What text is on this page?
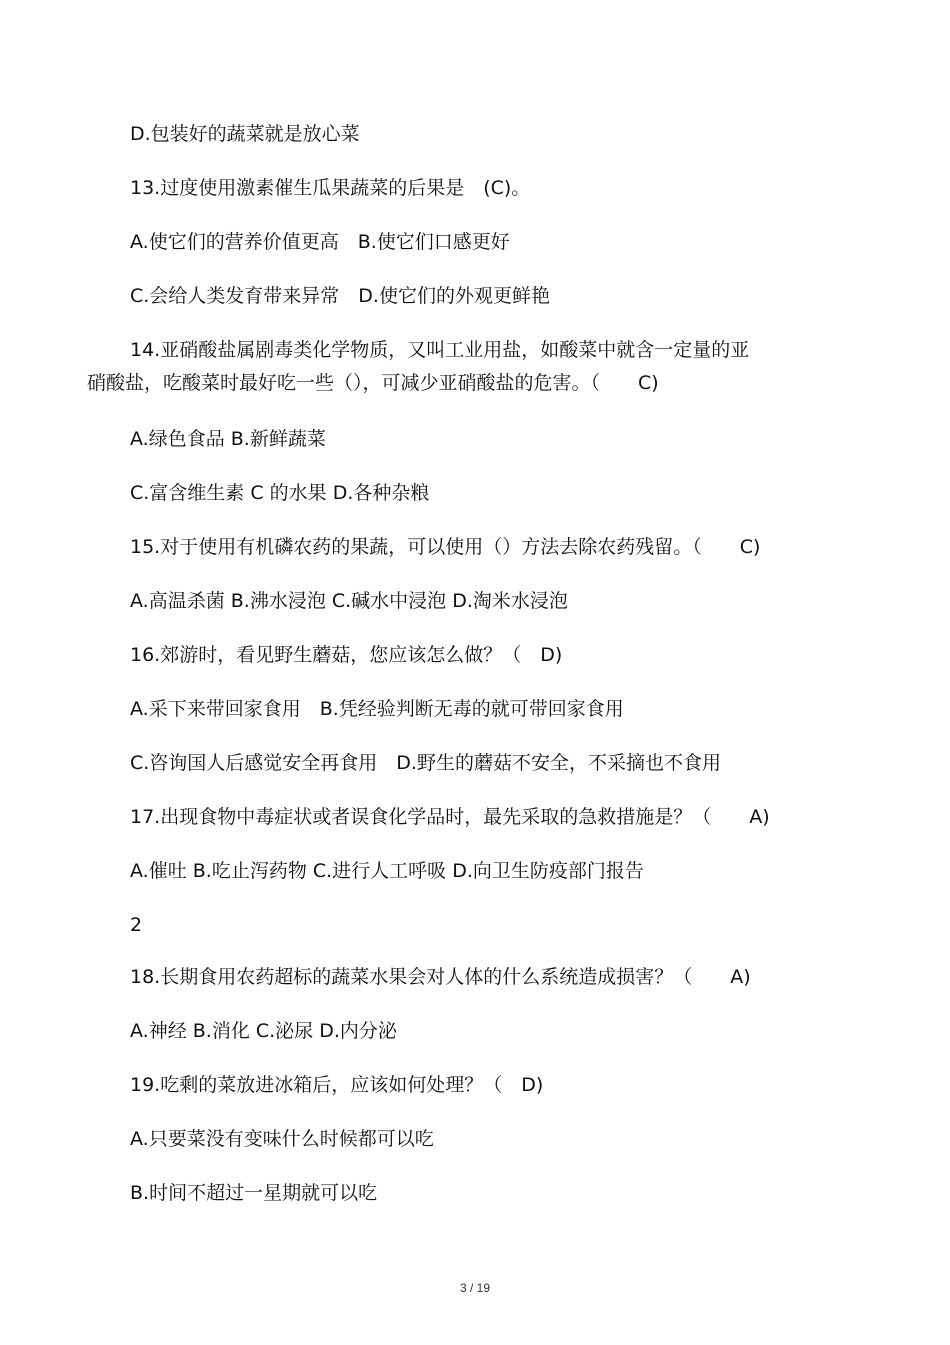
D.包装好的蔬菜就是放心菜
13.过度使用激素催生瓜果蔬菜的后果是　(C)。
A.使它们的营养价值更高　B.使它们口感更好
C.会给人类发育带来异常　D.使它们的外观更鲜艳
14.亚硝酸盐属剧毒类化学物质，又叫工业用盐，如酸菜中就含一定量的亚
硝酸盐，吃酸菜时最好吃一些（），可减少亚硝酸盐的危害。（　　C)
A.绿色食品 B.新鲜蔬菜
C.富含维生素 C 的水果 D.各种杂粮
15.对于使用有机磷农药的果蔬，可以使用（）方法去除农药残留。（　　C)
A.高温杀菌 B.沸水浸泡 C.碱水中浸泡 D.淘米水浸泡
16.郊游时，看见野生蘑菇，您应该怎么做？（　D)
A.采下来带回家食用　B.凭经验判断无毒的就可带回家食用
C.咨询国人后感觉安全再食用　D.野生的蘑菇不安全，不采摘也不食用
17.出现食物中毒症状或者误食化学品时，最先采取的急救措施是？（　　A)
A.催吐 B.吃止泻药物 C.进行人工呼吸 D.向卫生防疫部门报告
2
18.长期食用农药超标的蔬菜水果会对人体的什么系统造成损害？（　　A)
A.神经 B.消化 C.泌尿 D.内分泌
19.吃剩的菜放进冰箱后，应该如何处理？（　D)
A.只要菜没有变味什么时候都可以吃
B.时间不超过一星期就可以吃
3 / 19
